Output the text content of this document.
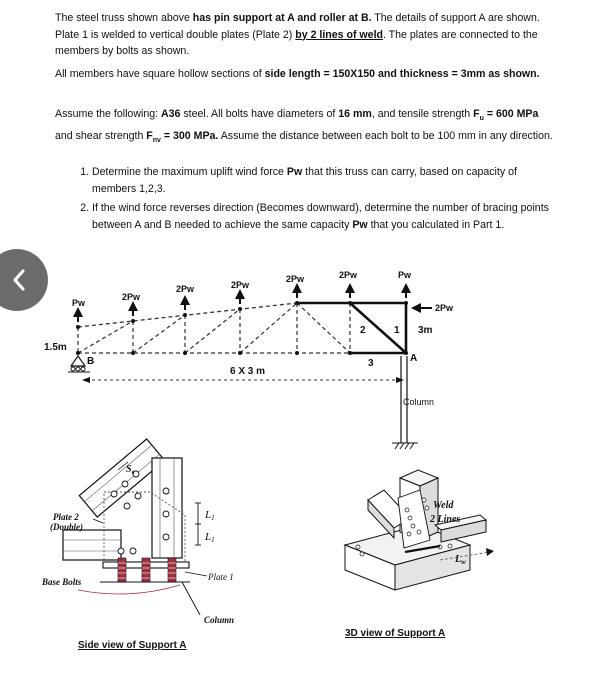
The steel truss shown above has pin support at A and roller at B. The details of support A are shown. Plate 1 is welded to vertical double plates (Plate 2) by 2 lines of weld. The plates are connected to the members by bolts as shown.
All members have square hollow sections of side length = 150X150 and thickness = 3mm as shown.
Assume the following: A36 steel. All bolts have diameters of 16 mm, and tensile strength $F_u = 600$ MPa and shear strength $F_{nv} = 300$ MPa. Assume the distance between each bolt to be 100 mm in any direction.
1. Determine the maximum uplift wind force Pw that this truss can carry, based on capacity of members 1,2,3.
2. If the wind force reverses direction (Becomes downward), determine the number of bracing points between A and B needed to achieve the same capacity Pw that you calculated in Part 1.
Pw
2Pw
2Pw	2Pw
2Pw	2Pw	Pw
2Pw
1.5m
3m
6 X 3 m
B	A
1
2
3
Column
$S_e$
L1
L1
Plate 2
(Double)
Base Bolts	Plate 1
Column
Side view of Support A
$L_w$
Weld
2 Lines
3D view of Support A
